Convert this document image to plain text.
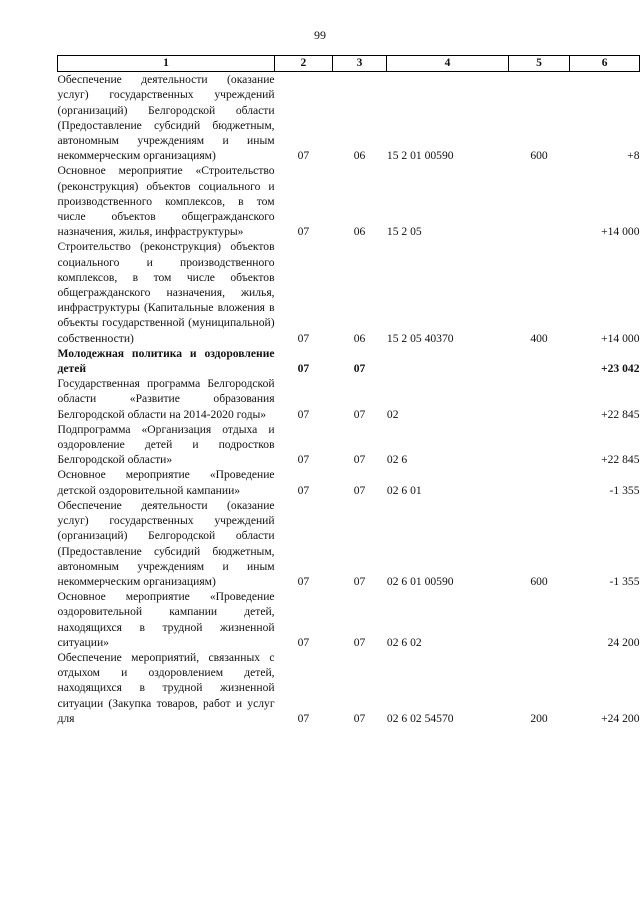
99
1	2	3	4	5	6
Обеспечение деятельности (оказание услуг) государственных учреждений (организаций) Белгородской области (Предоставление субсидий бюджетным, автономным учреждениям и иным некоммерческим организациям)	07	06	15 2 01 00590	600	+8
Основное мероприятие «Строительство (реконструкция) объектов социального и производственного комплексов, в том числе объектов общегражданского назначения, жилья, инфраструктуры»	07	06	15 2 05		+14 000
Строительство (реконструкция) объектов социального и производственного комплексов, в том числе объектов общегражданского назначения, жилья, инфраструктуры (Капитальные вложения в объекты государственной (муниципальной) собственности)	07	06	15 2 05 40370	400	+14 000
Молодежная политика и оздоровление детей	07	07			+23 042
Государственная программа Белгородской области «Развитие образования Белгородской области на 2014-2020 годы»	07	07	02		+22 845
Подпрограмма «Организация отдыха и оздоровление детей и подростков Белгородской области»	07	07	02 6		+22 845
Основное мероприятие «Проведение детской оздоровительной кампании»	07	07	02 6 01		-1 355
Обеспечение деятельности (оказание услуг) государственных учреждений (организаций) Белгородской области (Предоставление субсидий бюджетным, автономным учреждениям и иным некоммерческим организациям)	07	07	02 6 01 00590	600	-1 355
Основное мероприятие «Проведение оздоровительной кампании детей, находящихся в трудной жизненной ситуации»	07	07	02 6 02		24 200
Обеспечение мероприятий, связанных с отдыхом и оздоровлением детей, находящихся в трудной жизненной ситуации (Закупка товаров, работ и услуг для	07	07	02 6 02 54570	200	+24 200
